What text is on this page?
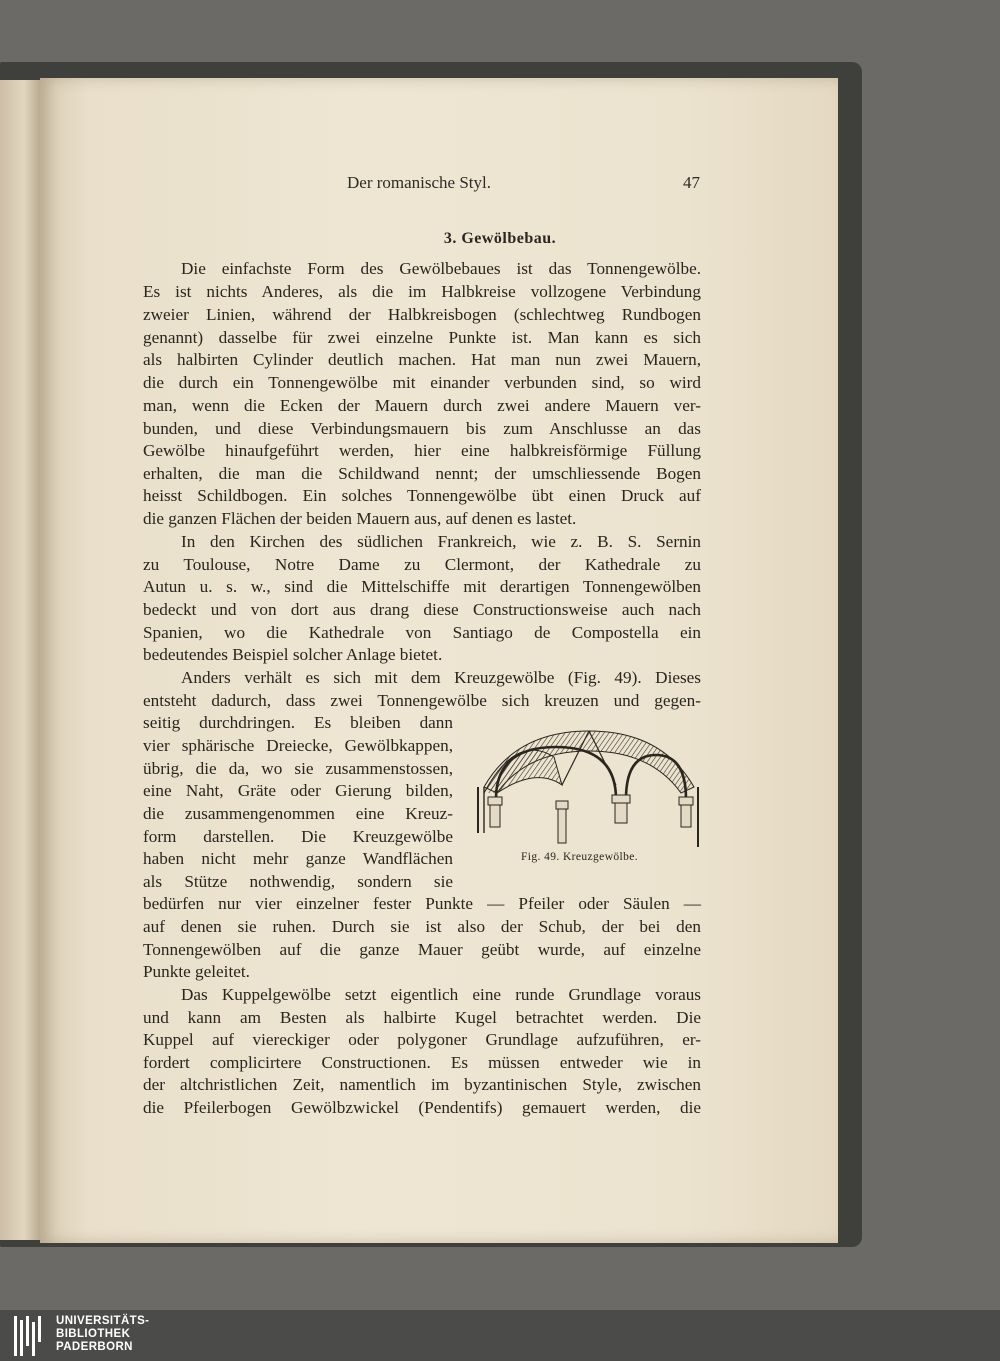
Der romanische Styl.	47
3. Gewölbebau.
Die einfachste Form des Gewölbebaues ist das Tonnengewölbe.
Es ist nichts Anderes, als die im Halbkreise vollzogene Verbindung
zweier Linien, während der Halbkreisbogen (schlechtweg Rundbogen
genannt) dasselbe für zwei einzelne Punkte ist. Man kann es sich
als halbirten Cylinder deutlich machen. Hat man nun zwei Mauern,
die durch ein Tonnengewölbe mit einander verbunden sind, so wird
man, wenn die Ecken der Mauern durch zwei andere Mauern ver-
bunden, und diese Verbindungsmauern bis zum Anschlusse an das
Gewölbe hinaufgeführt werden, hier eine halbkreisförmige Füllung
erhalten, die man die Schildwand nennt; der umschliessende Bogen
heisst Schildbogen. Ein solches Tonnengewölbe übt einen Druck auf
die ganzen Flächen der beiden Mauern aus, auf denen es lastet.
In den Kirchen des südlichen Frankreich, wie z. B. S. Sernin
zu Toulouse, Notre Dame zu Clermont, der Kathedrale zu
Autun u. s. w., sind die Mittelschiffe mit derartigen Tonnengewölben
bedeckt und von dort aus drang diese Constructionsweise auch nach
Spanien, wo die Kathedrale von Santiago de Compostella ein
bedeutendes Beispiel solcher Anlage bietet.
Anders verhält es sich mit dem Kreuzgewölbe (Fig. 49). Dieses
entsteht dadurch, dass zwei Tonnengewölbe sich kreuzen und gegen-
seitig durchdringen. Es bleiben dann
vier sphärische Dreiecke, Gewölbkappen,
übrig, die da, wo sie zusammenstossen,
eine Naht, Gräte oder Gierung bilden,
die zusammengenommen eine Kreuz-
form darstellen. Die Kreuzgewölbe
haben nicht mehr ganze Wandflächen
als Stütze nothwendig, sondern sie
bedürfen nur vier einzelner fester Punkte — Pfeiler oder Säulen —
auf denen sie ruhen. Durch sie ist also der Schub, der bei den
Tonnengewölben auf die ganze Mauer geübt wurde, auf einzelne
Punkte geleitet.
Das Kuppelgewölbe setzt eigentlich eine runde Grundlage voraus
und kann am Besten als halbirte Kugel betrachtet werden. Die
Kuppel auf viereckiger oder polygoner Grundlage aufzuführen, er-
fordert complicirtere Constructionen. Es müssen entweder wie in
der altchristlichen Zeit, namentlich im byzantinischen Style, zwischen
die Pfeilerbogen Gewölbzwickel (Pendentifs) gemauert werden, die
Fig. 49. Kreuzgewölbe.
UNIVERSITÄTS-
BIBLIOTHEK
PADERBORN
